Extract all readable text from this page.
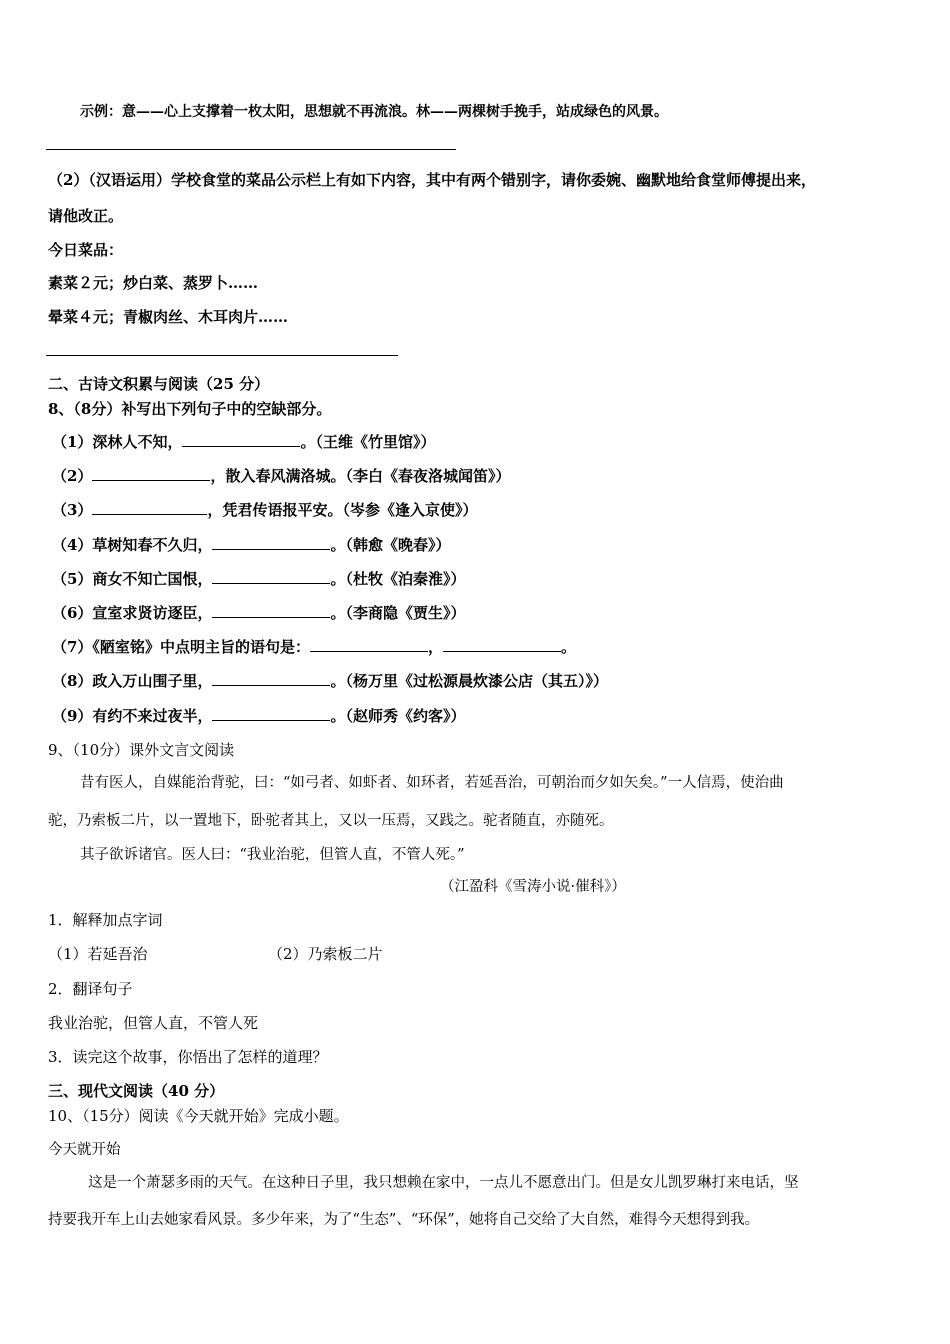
示例：意——心上支撑着一枚太阳，思想就不再流浪。林——两棵树手挽手，站成绿色的风景。
（2）（汉语运用）学校食堂的菜品公示栏上有如下内容，其中有两个错别字，请你委婉、幽默地给食堂师傅提出来，
请他改正。
今日菜品：
素菜２元；炒白菜、蒸罗卜……
晕菜４元；青椒肉丝、木耳肉片……
二、古诗文积累与阅读（25 分）
8、（8分）补写出下列句子中的空缺部分。
（1）深林人不知，	。（王维《竹里馆》）
（2）	，散入春风满洛城。（李白《春夜洛城闻笛》）
（3）	，凭君传语报平安。（岑参《逢入京使》）
（4）草树知春不久归，	。（韩愈《晚春》）
（5）商女不知亡国恨，	。（杜牧《泊秦淮》）
（6）宣室求贤访逐臣，	。（李商隐《贾生》）
（7）《陋室铭》中点明主旨的语句是：	，	。
（8）政入万山围子里，	。（杨万里《过松源晨炊漆公店（其五）》）
（9）有约不来过夜半，	。（赵师秀《约客》）
9、（10分）课外文言文阅读
昔有医人，自媒能治背驼，曰：“如弓者、如虾者、如环者，若延吾治，可朝治而夕如矢矣。”一人信焉，使治曲
驼，乃索板二片，以一置地下，卧驼者其上，又以一压焉，又践之。驼者随直，亦随死。
其子欲诉诸官。医人曰：“我业治驼，但管人直，不管人死。”
（江盈科《雪涛小说·催科》）
1．解释加点字词
（1）若延吾治	（2）乃索板二片
2．翻译句子
我业治驼，但管人直，不管人死
3．读完这个故事，你悟出了怎样的道理？
三、现代文阅读（40 分）
10、（15分）阅读《今天就开始》完成小题。
今天就开始
这是一个萧瑟多雨的天气。在这种日子里，我只想赖在家中，一点儿不愿意出门。但是女儿凯罗琳打来电话，坚
持要我开车上山去她家看风景。多少年来，为了“生态”、“环保”，她将自己交给了大自然，难得今天想得到我。
